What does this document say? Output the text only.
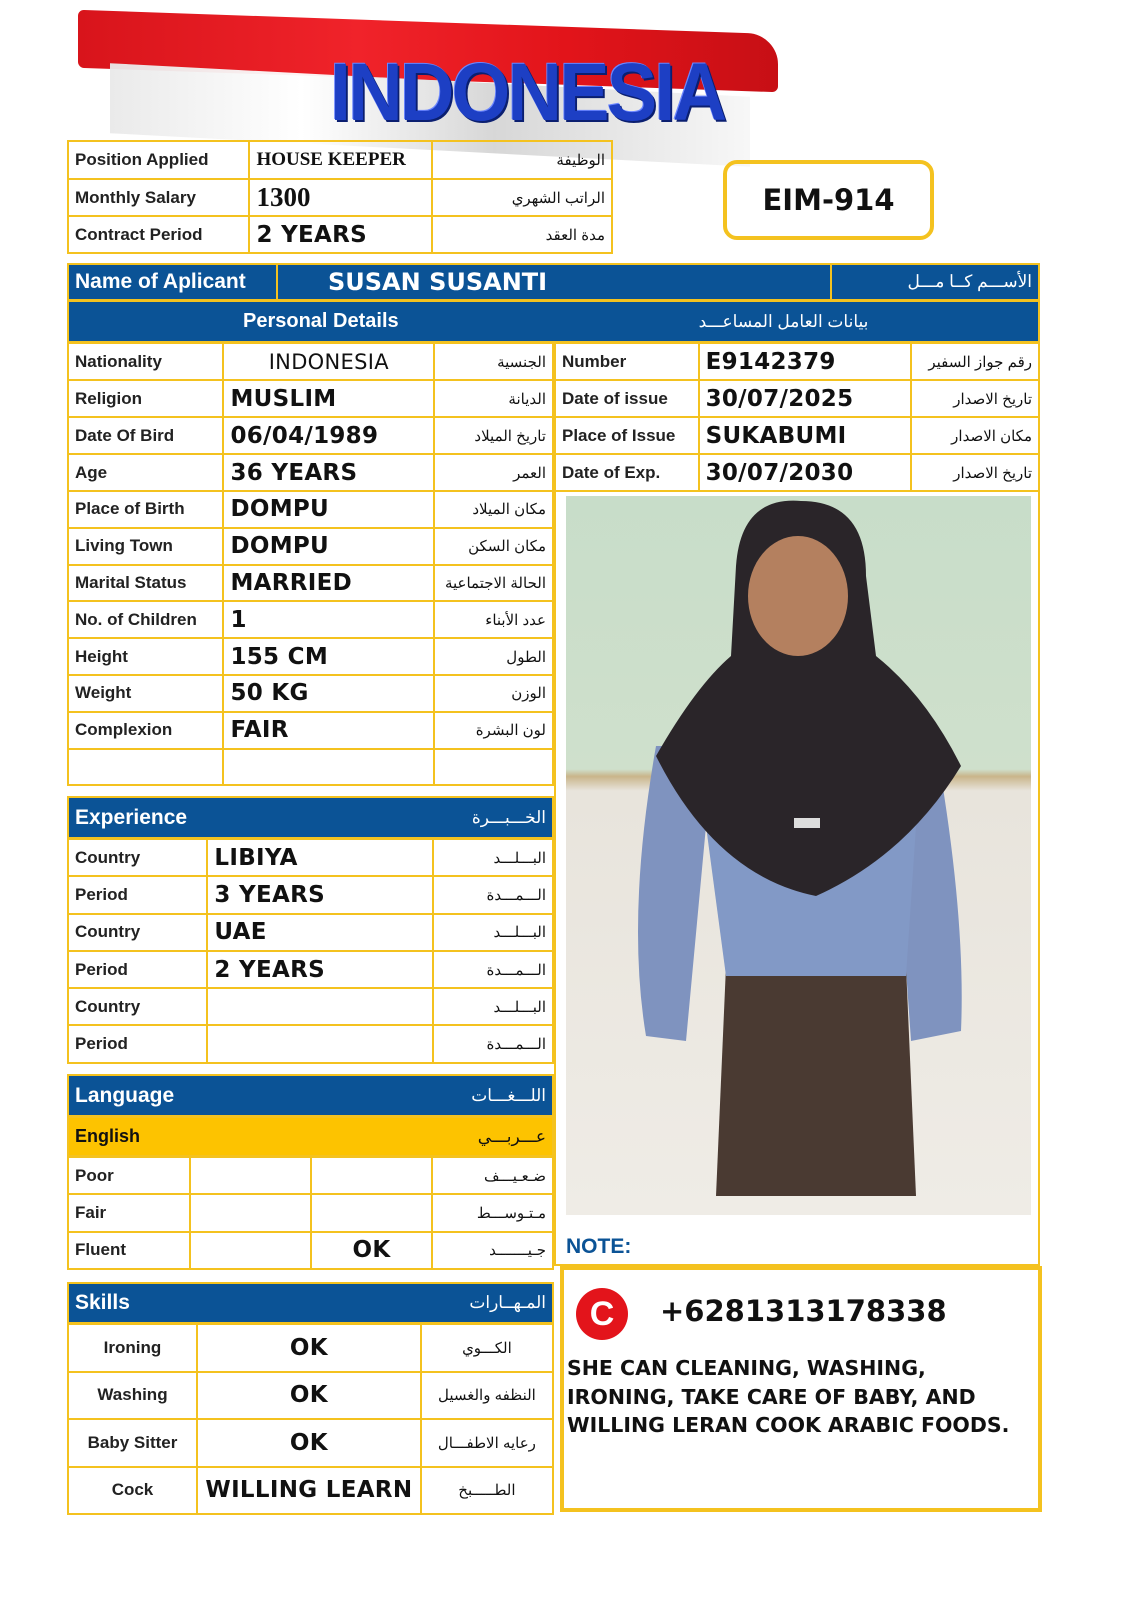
INDONESIA
Position Applied	HOUSE KEEPER	الوظيفة
Monthly Salary	1300	الراتب الشهري
Contract Period	2 YEARS	مدة العقد
EIM-914
Name of Aplicant	SUSAN SUSANTI	الأســـم كــا مـــل
Personal Details	بيانات العامل المساعـــد
Nationality	INDONESIA	الجنسية
Religion	MUSLIM	الديانة
Date Of Bird	06/04/1989	تاريخ الميلاد
Age	36 YEARS	العمر
Place of Birth	DOMPU	مكان الميلاد
Living Town	DOMPU	مكان السكن
Marital Status	MARRIED	الحالة الاجتماعية
No. of Children	1	عدد الأبناء
Height	155 CM	الطول
Weight	50 KG	الوزن
Complexion	FAIR	لون البشرة

Number	E9142379	رقم جواز السفير
Date of issue	30/07/2025	تاريخ الاصدار
Place of Issue	SUKABUMI	مكان الاصدار
Date of Exp.	30/07/2030	تاريخ الاصدار
Experience	الخـــبـــرة
Country	LIBIYA	البـــلـــد
Period	3 YEARS	الـــمـــدة
Country	UAE	البـــلـــد
Period	2 YEARS	الـــمـــدة
Country		البـــلـــد
Period		الـــمـــدة
Language	اللـــغـــات
English	عـــربـــي
Poor			ضـعـيـــف
Fair			مـتـوســـط
Fluent		OK	جـيـــــــد
Skills	المـهــارات
Ironing	OK	الكـــوي
Washing	OK	النظفه والغسيل
Baby Sitter	OK	رعايه الاطفـــال
Cock	WILLING LEARN	الطـــــبخ
NOTE:
C	+6281313178338
SHE CAN CLEANING, WASHING, IRONING, TAKE CARE OF BABY, AND WILLING LERAN COOK ARABIC FOODS.
